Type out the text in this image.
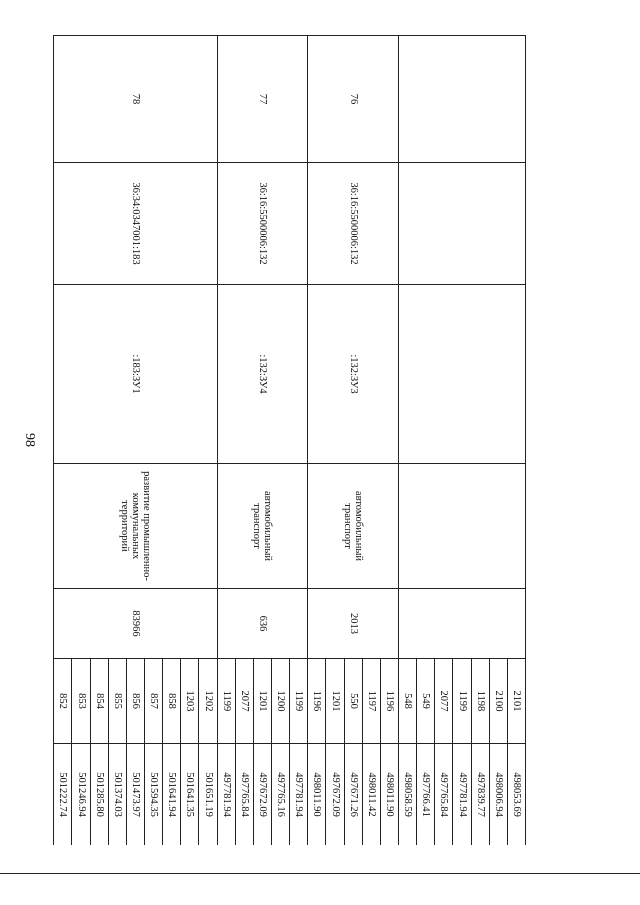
98
					2101	498053.69	
					2100	498006.94	
					1198	497839.77	
					1199	497781.94	
					2077	497765.84	
					549	497766.41	
					548	498058.59	
76	36:16:5500006:132	:132:ЗУ3	автомобильный транспорт	2013	1196	498011.90	
					1197	498011.42	
					550	497671.26	
					1201	497672.09	
					1196	498011.90	
77	36:16:5500006:132	:132:ЗУ4	автомобильный транспорт	636	1199	497781.94	
					1200	497765.16	
					1201	497672.09	
					2077	497765.84	
					1199	497781.94	
78	36:34:0347001:183	:183:ЗУ1	развитие промышленно-коммунальных территорий	83966	1202	501651.19	
					1203	501641.35	
					858	501641.94	
					857	501594.35	
					856	501473.97	
					855	501374.03	
					854	501285.80	
					853	501246.94	
					852	501222.74	
